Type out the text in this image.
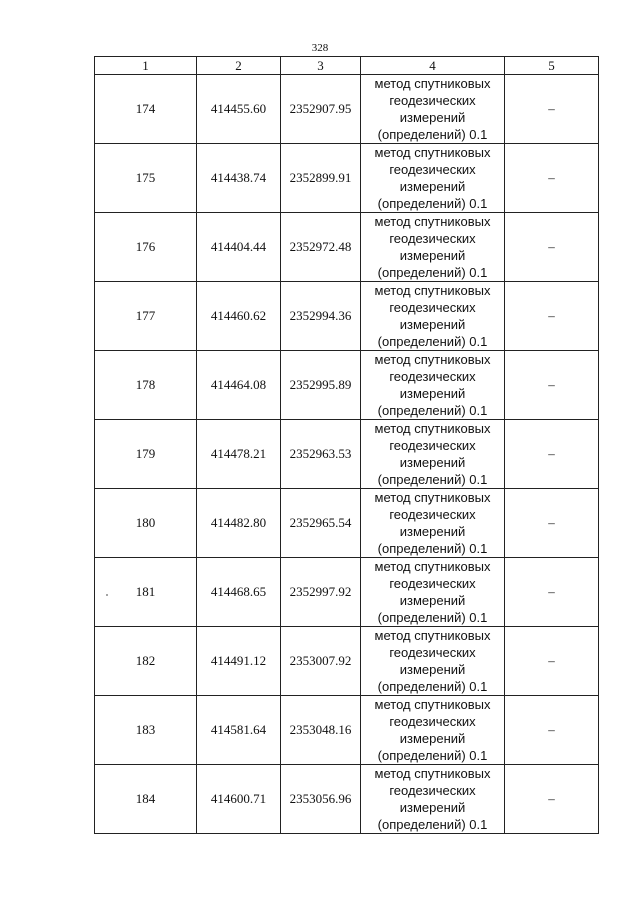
328
1	2	3	4	5
174	414455.60	2352907.95	метод спутниковых
геодезических
измерений
(определений) 0.1	–
175	414438.74	2352899.91	метод спутниковых
геодезических
измерений
(определений) 0.1	–
176	414404.44	2352972.48	метод спутниковых
геодезических
измерений
(определений) 0.1	–
177	414460.62	2352994.36	метод спутниковых
геодезических
измерений
(определений) 0.1	–
178	414464.08	2352995.89	метод спутниковых
геодезических
измерений
(определений) 0.1	–
179	414478.21	2352963.53	метод спутниковых
геодезических
измерений
(определений) 0.1	–
180	414482.80	2352965.54	метод спутниковых
геодезических
измерений
(определений) 0.1	–
181	414468.65	2352997.92	метод спутниковых
геодезических
измерений
(определений) 0.1	–
182	414491.12	2353007.92	метод спутниковых
геодезических
измерений
(определений) 0.1	–
183	414581.64	2353048.16	метод спутниковых
геодезических
измерений
(определений) 0.1	–
184	414600.71	2353056.96	метод спутниковых
геодезических
измерений
(определений) 0.1	–
